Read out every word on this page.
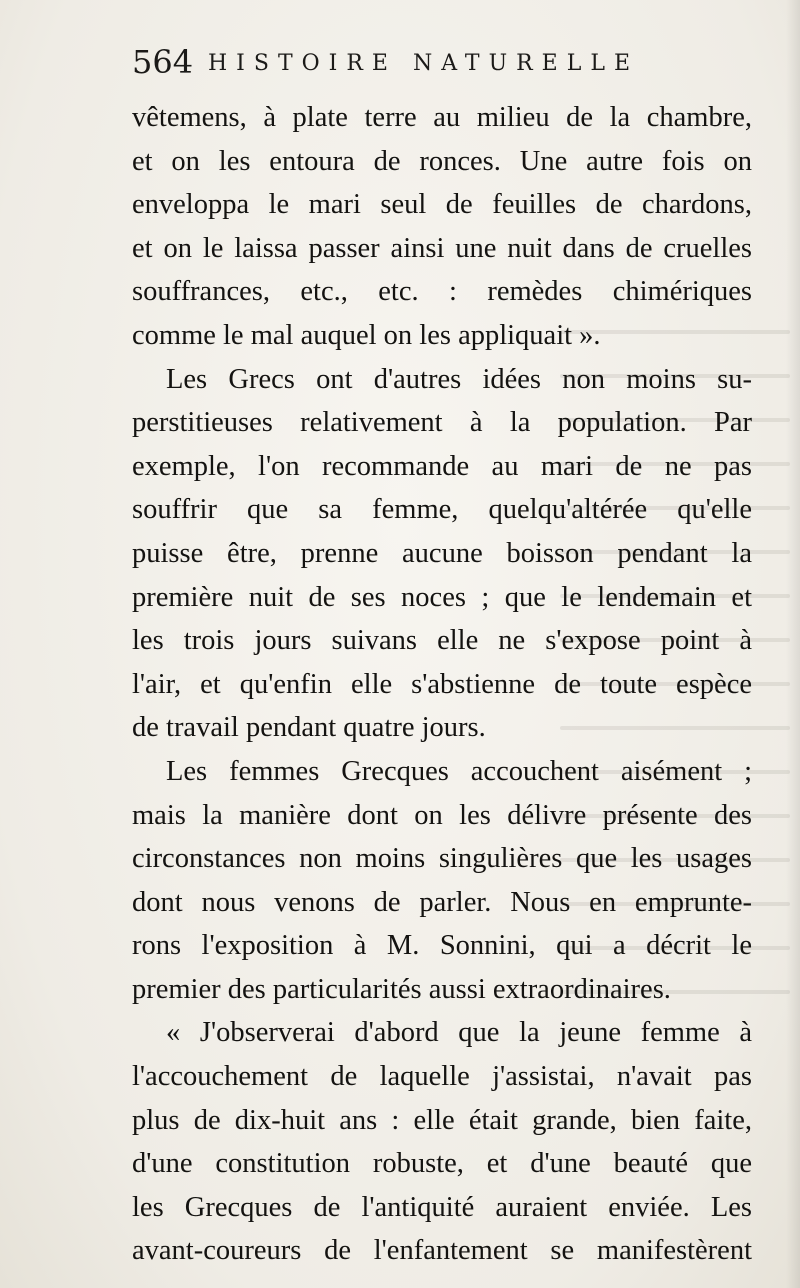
564 HISTOIRE NATURELLE
vêtemens, à plate terre au milieu de la chambre,
et on les entoura de ronces. Une autre fois on
enveloppa le mari seul de feuilles de chardons,
et on le laissa passer ainsi une nuit dans de cruelles
souffrances, etc., etc. : remèdes chimériques
comme le mal auquel on les appliquait ».
Les Grecs ont d'autres idées non moins su-
perstitieuses relativement à la population. Par
exemple, l'on recommande au mari de ne pas
souffrir que sa femme, quelqu'altérée qu'elle
puisse être, prenne aucune boisson pendant la
première nuit de ses noces ; que le lendemain et
les trois jours suivans elle ne s'expose point à
l'air, et qu'enfin elle s'abstienne de toute espèce
de travail pendant quatre jours.
Les femmes Grecques accouchent aisément ;
mais la manière dont on les délivre présente des
circonstances non moins singulières que les usages
dont nous venons de parler. Nous en emprunte-
rons l'exposition à M. Sonnini, qui a décrit le
premier des particularités aussi extraordinaires.
« J'observerai d'abord que la jeune femme à
l'accouchement de laquelle j'assistai, n'avait pas
plus de dix-huit ans : elle était grande, bien faite,
d'une constitution robuste, et d'une beauté que
les Grecques de l'antiquité auraient enviée. Les
avant-coureurs de l'enfantement se manifestèrent
